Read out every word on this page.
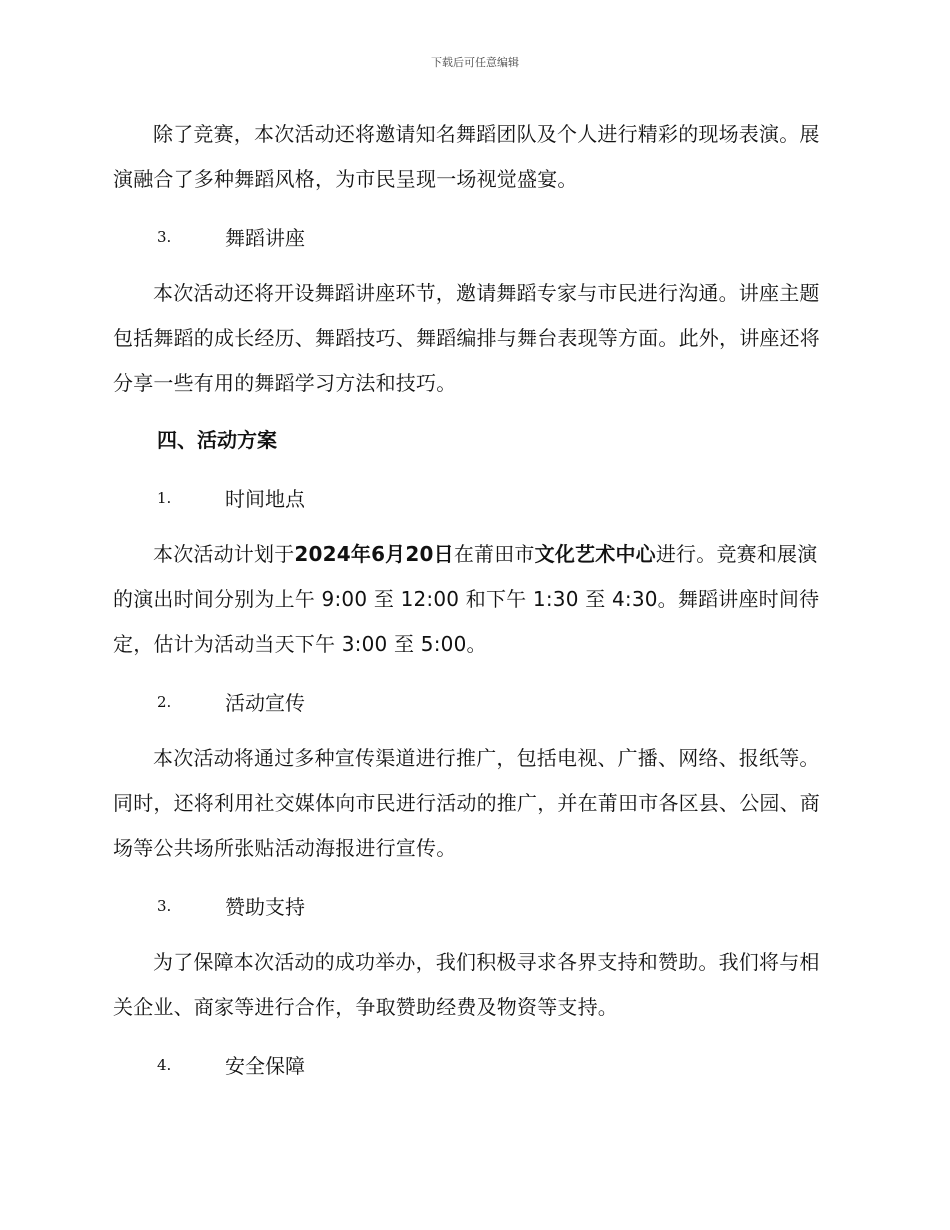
下载后可任意编辑

除了竞赛，本次活动还将邀请知名舞蹈团队及个人进行精彩的现场表演。展演融合了多种舞蹈风格，为市民呈现一场视觉盛宴。

3.	舞蹈讲座

本次活动还将开设舞蹈讲座环节，邀请舞蹈专家与市民进行沟通。讲座主题包括舞蹈的成长经历、舞蹈技巧、舞蹈编排与舞台表现等方面。此外，讲座还将分享一些有用的舞蹈学习方法和技巧。

四、活动方案
1.	时间地点

本次活动计划于2024年6月20日在莆田市文化艺术中心进行。竞赛和展演的演出时间分别为上午 9:00 至 12:00 和下午 1:30 至 4:30。舞蹈讲座时间待定，估计为活动当天下午 3:00 至 5:00。

2.	活动宣传

本次活动将通过多种宣传渠道进行推广，包括电视、广播、网络、报纸等。同时，还将利用社交媒体向市民进行活动的推广，并在莆田市各区县、公园、商场等公共场所张贴活动海报进行宣传。

3.	赞助支持

为了保障本次活动的成功举办，我们积极寻求各界支持和赞助。我们将与相关企业、商家等进行合作，争取赞助经费及物资等支持。

4.	安全保障
